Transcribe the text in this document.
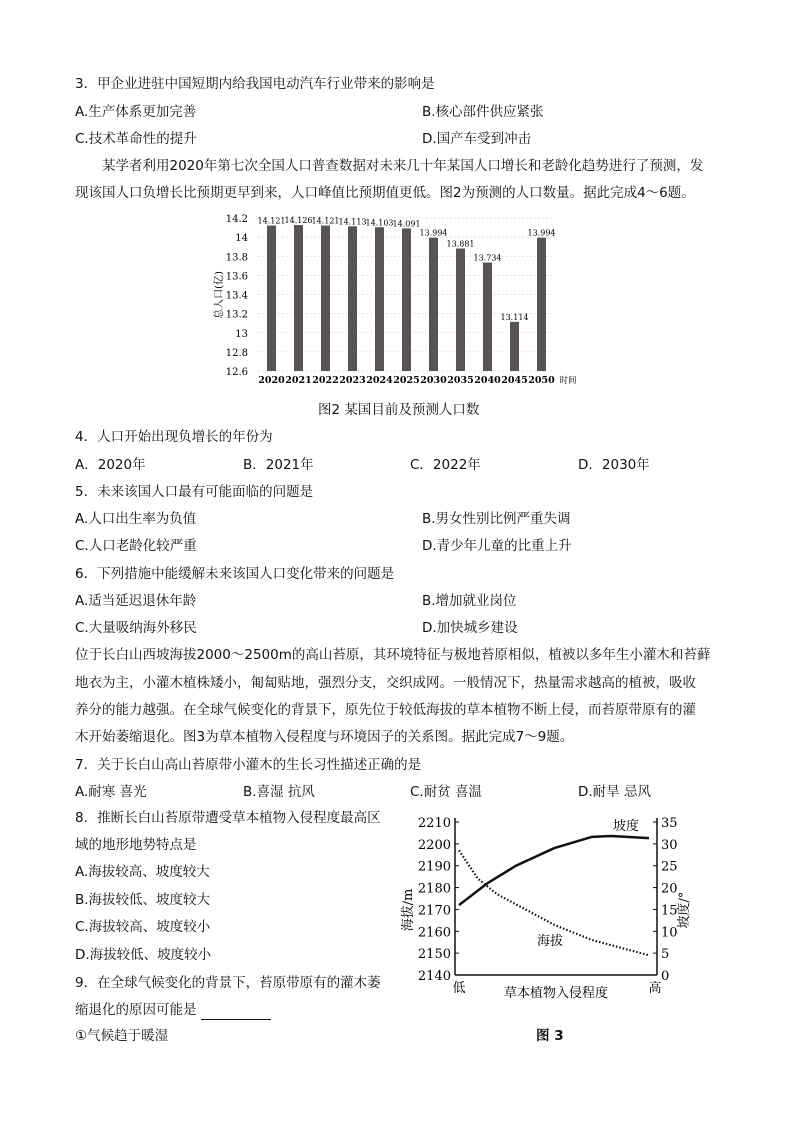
3．甲企业进驻中国短期内给我国电动汽车行业带来的影响是
A.生产体系更加完善	B.核心部件供应紧张
C.技术革命性的提升	D.国产车受到冲击
某学者利用2020年第七次全国人口普查数据对未来几十年某国人口增长和老龄化趋势进行了预测，发
现该国人口负增长比预期更早到来，人口峰值比预期值更低。图2为预测的人口数量。据此完成4～6题。
14.2
14
13.8
13.6
13.4
13.2
13
12.8
12.6
总人口(亿)
14.121
2020
14.126
2021
14.121
2022
14.113
2023
14.103
2024
14.091
2025
13.994
2030
13.881
2035
13.734
2040
13.114
2045
13.994
2050 时间
图2 某国目前及预测人口数
4．人口开始出现负增长的年份为
A．2020年	B．2021年	C．2022年	D．2030年
5．未来该国人口最有可能面临的问题是
A.人口出生率为负值	B.男女性别比例严重失调
C.人口老龄化较严重	D.青少年儿童的比重上升
6．下列措施中能缓解未来该国人口变化带来的问题是
A.适当延迟退休年龄	B.增加就业岗位
C.大量吸纳海外移民	D.加快城乡建设
位于长白山西坡海拔2000～2500m的高山苔原，其环境特征与极地苔原相似，植被以多年生小灌木和苔藓
地衣为主，小灌木植株矮小，匍匐贴地，强烈分支，交织成网。一般情况下，热量需求越高的植被，吸收
养分的能力越强。在全球气候变化的背景下，原先位于较低海拔的草本植物不断上侵，而苔原带原有的灌
木开始萎缩退化。图3为草本植物入侵程度与环境因子的关系图。据此完成7～9题。
7．关于长白山高山苔原带小灌木的生长习性描述正确的是
A.耐寒 喜光	B.喜湿 抗风	C.耐贫 喜温	D.耐旱 忌风
8．推断长白山苔原带遭受草本植物入侵程度最高区
域的地形地势特点是
A.海拔较高、坡度较大
B.海拔较低、坡度较大
C.海拔较高、坡度较小
D.海拔较低、坡度较小
9．在全球气候变化的背景下，苔原带原有的灌木萎
缩退化的原因可能是
①气候趋于暖湿
2210
2200
2190
2180
2170
2160
2150
2140
35
30
25
20
15
10
5
0
海拔/m	坡度/°
低	高
草本植物入侵程度
坡度
海拔
图 3
